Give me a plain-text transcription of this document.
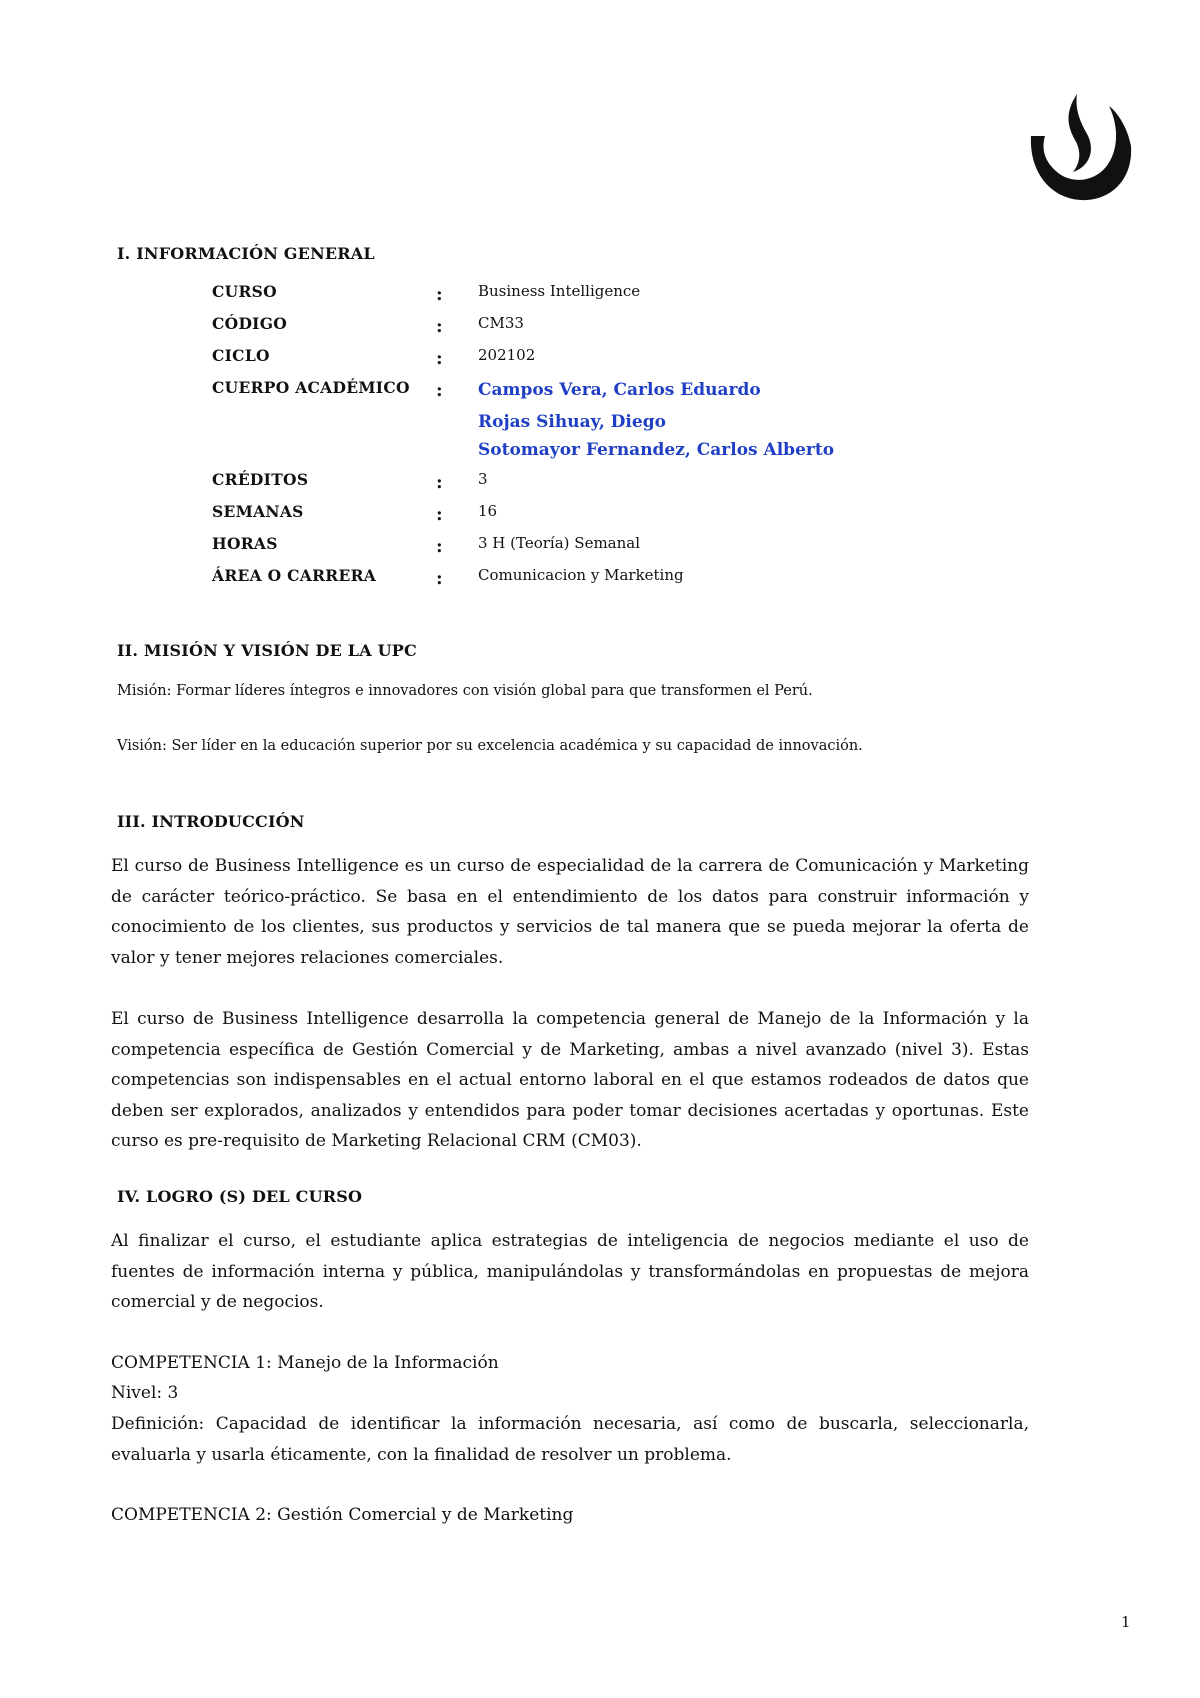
I. INFORMACIÓN GENERAL
CURSO	: Business Intelligence
CÓDIGO	: CM33
CICLO	: 202102
CUERPO ACADÉMICO : Campos Vera, Carlos Eduardo
Rojas Sihuay, Diego
Sotomayor Fernandez, Carlos Alberto
CRÉDITOS	: 3
SEMANAS	: 16
HORAS	: 3 H (Teoría) Semanal
ÁREA O CARRERA	: Comunicacion y Marketing
II. MISIÓN Y VISIÓN DE LA UPC
Misión: Formar líderes íntegros e innovadores con visión global para que transformen el Perú.
Visión: Ser líder en la educación superior por su excelencia académica y su capacidad de innovación.
III. INTRODUCCIÓN

El curso de Business Intelligence es un curso de especialidad de la carrera de Comunicación y Marketing de carácter teórico-práctico. Se basa en el entendimiento de los datos para construir información y conocimiento de los clientes, sus productos y servicios de tal manera que se pueda mejorar la oferta de valor y tener mejores relaciones comerciales.

El curso de Business Intelligence desarrolla la competencia general de Manejo de la Información y la competencia específica de Gestión Comercial y de Marketing, ambas a nivel avanzado (nivel 3). Estas competencias son indispensables en el actual entorno laboral en el que estamos rodeados de datos que deben ser explorados, analizados y entendidos para poder tomar decisiones acertadas y oportunas. Este curso es pre-requisito de Marketing Relacional CRM (CM03).

IV. LOGRO (S) DEL CURSO

Al finalizar el curso, el estudiante aplica estrategias de inteligencia de negocios mediante el uso de fuentes de información interna y pública, manipulándolas y transformándolas en propuestas de mejora comercial y de negocios.

COMPETENCIA 1: Manejo de la Información
Nivel: 3

Definición: Capacidad de identificar la información necesaria, así como de buscarla, seleccionarla, evaluarla y usarla éticamente, con la finalidad de resolver un problema.

COMPETENCIA 2: Gestión Comercial y de Marketing
1
